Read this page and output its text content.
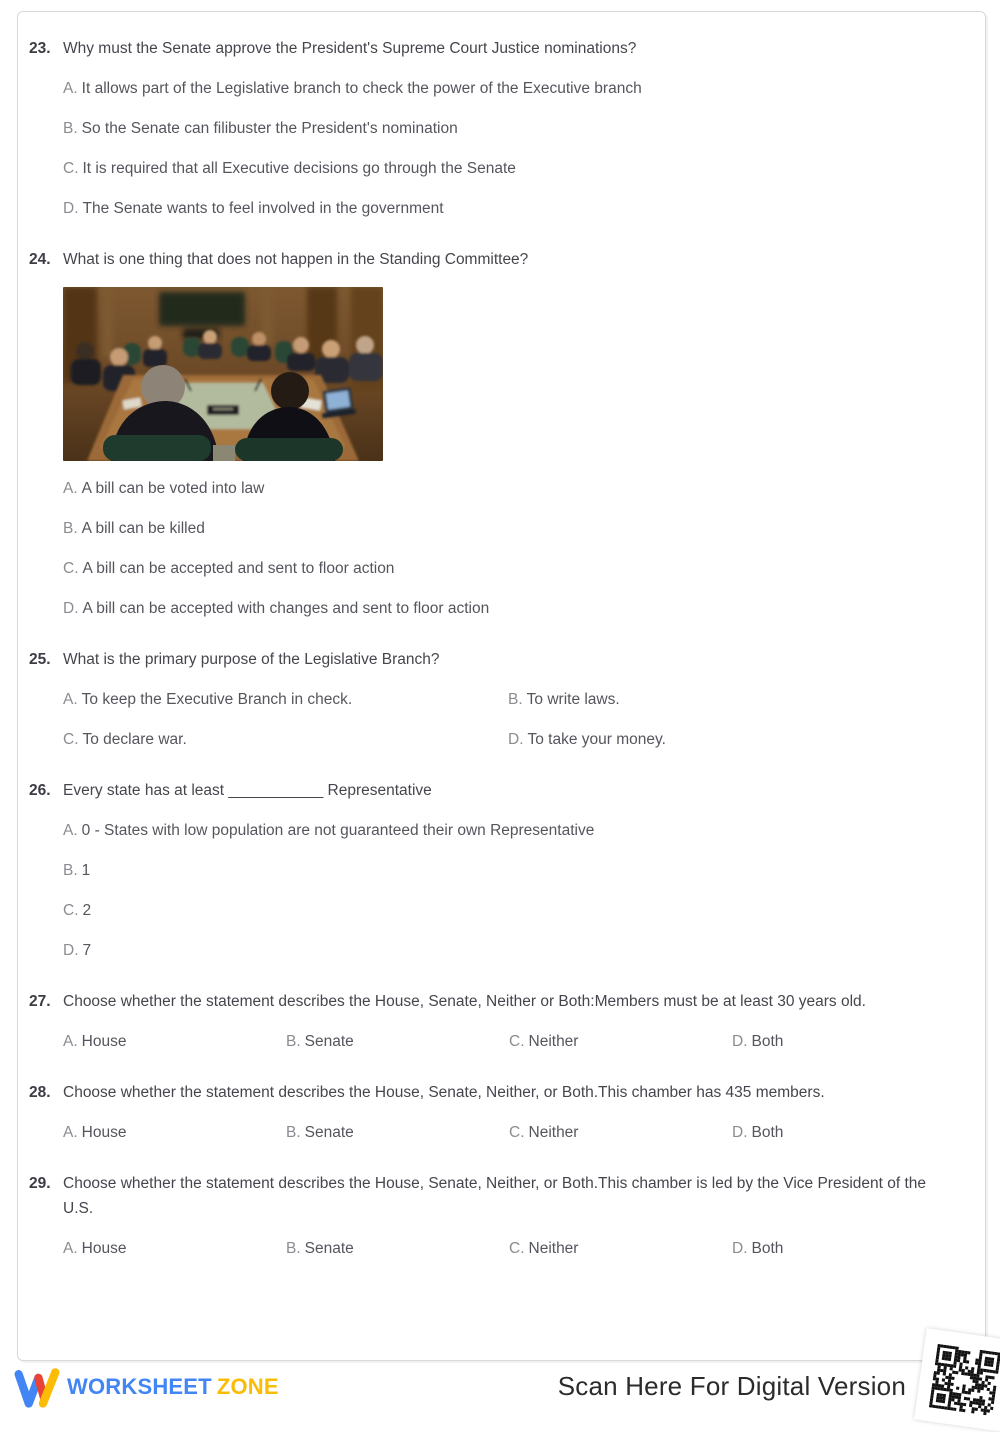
23. Why must the Senate approve the President's Supreme Court Justice nominations?

A. It allows part of the Legislative branch to check the power of the Executive branch
B. So the Senate can filibuster the President's nomination
C. It is required that all Executive decisions go through the Senate
D. The Senate wants to feel involved in the government
24. What is one thing that does not happen in the Standing Committee?

A. A bill can be voted into law
B. A bill can be killed
C. A bill can be accepted and sent to floor action
D. A bill can be accepted with changes and sent to floor action
25. What is the primary purpose of the Legislative Branch?

A. To keep the Executive Branch in check.	B. To write laws.
C. To declare war.	D. To take your money.
26. Every state has at least ___________ Representative

A. 0 - States with low population are not guaranteed their own Representative
B. 1
C. 2
D. 7
27. Choose whether the statement describes the House, Senate, Neither or Both:Members must be at least 30 years old.

A. House	B. Senate	C. Neither	D. Both
28. Choose whether the statement describes the House, Senate, Neither, or Both.This chamber has 435 members.

A. House	B. Senate	C. Neither	D. Both
29. Choose whether the statement describes the House, Senate, Neither, or Both.This chamber is led by the Vice President of the U.S.

A. House	B. Senate	C. Neither	D. Both
WORKSHEET ZONE	Scan Here For Digital Version
